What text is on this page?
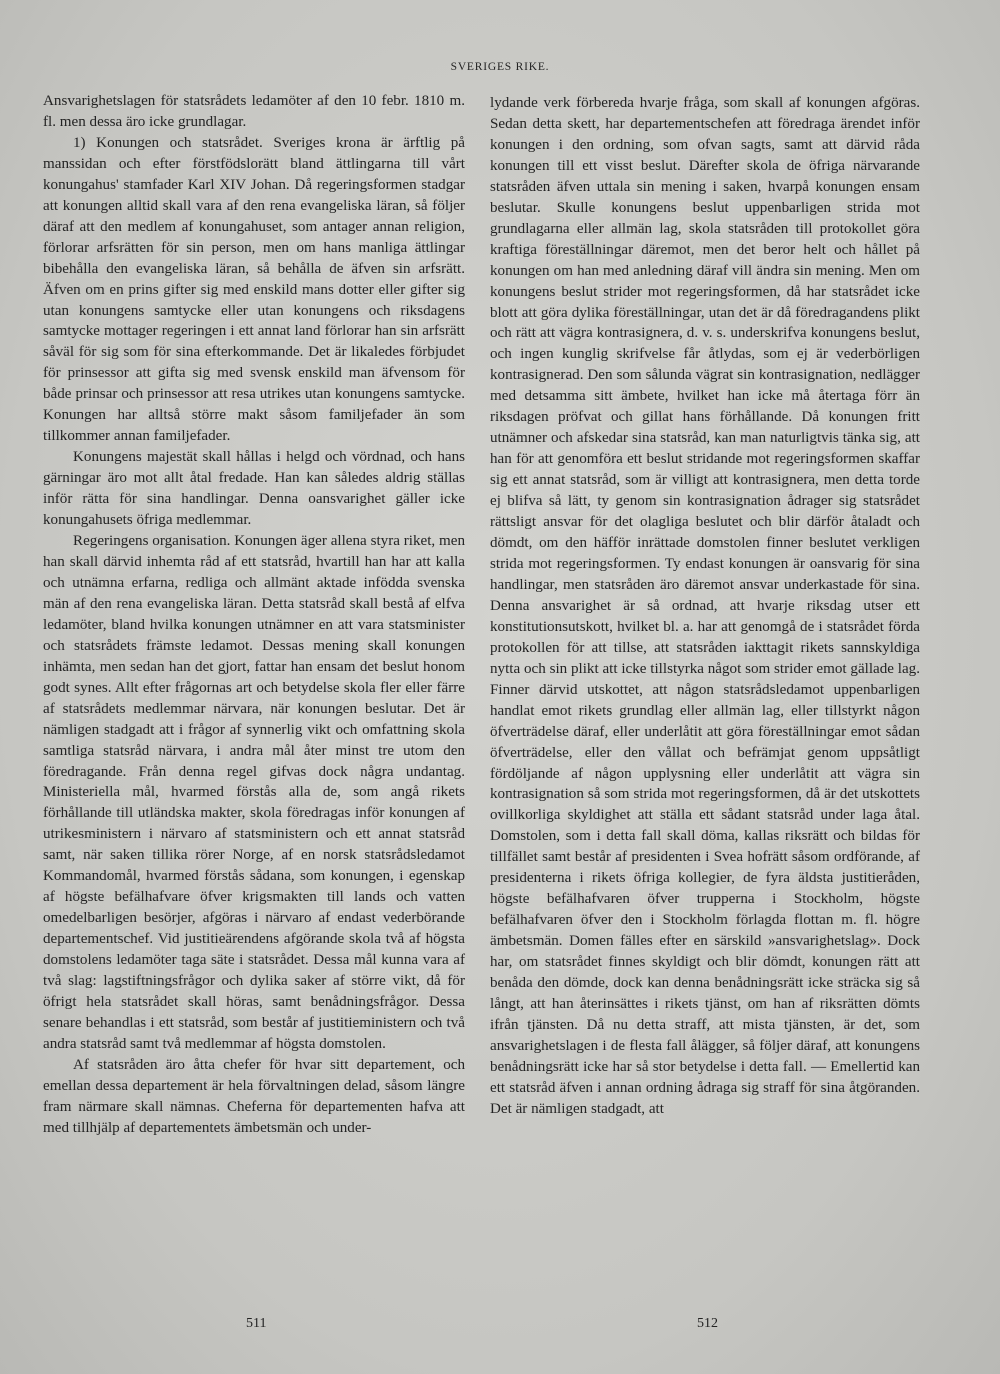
SVERIGES RIKE.

Ansvarighetslagen för statsrådets ledamöter af den 10 febr. 1810 m. fl. men dessa äro icke grundlagar.

1) Konungen och statsrådet. Sveriges krona är ärftlig på manssidan och efter förstfödslorätt bland ättlingarna till vårt konungahus' stamfader Karl XIV Johan. Då regeringsformen stadgar att konungen alltid skall vara af den rena evangeliska läran, så följer däraf att den medlem af konungahuset, som antager annan religion, förlorar arfsrätten för sin person, men om hans manliga ättlingar bibehålla den evangeliska läran, så behålla de äfven sin arfsrätt. Äfven om en prins gifter sig med enskild mans dotter eller gifter sig utan konungens samtycke eller utan konungens och riksdagens samtycke mottager regeringen i ett annat land förlorar han sin arfsrätt såväl för sig som för sina efterkommande. Det är likaledes förbjudet för prinsessor att gifta sig med svensk enskild man äfvensom för både prinsar och prinsessor att resa utrikes utan konungens samtycke. Konungen har alltså större makt såsom familjefader än som tillkommer annan familjefader.

Konungens majestät skall hållas i helgd och vördnad, och hans gärningar äro mot allt åtal fredade. Han kan således aldrig ställas inför rätta för sina handlingar. Denna oansvarighet gäller icke konungahusets öfriga medlemmar.

Regeringens organisation. Konungen äger allena styra riket, men han skall därvid inhemta råd af ett statsråd, hvartill han har att kalla och utnämna erfarna, redliga och allmänt aktade infödda svenska män af den rena evangeliska läran. Detta statsråd skall bestå af elfva ledamöter, bland hvilka konungen utnämner en att vara statsminister och statsrådets främste ledamot. Dessas mening skall konungen inhämta, men sedan han det gjort, fattar han ensam det beslut honom godt synes. Allt efter frågornas art och betydelse skola fler eller färre af statsrådets medlemmar närvara, när konungen beslutar. Det är nämligen stadgadt att i frågor af synnerlig vikt och omfattning skola samtliga statsråd närvara, i andra mål åter minst tre utom den föredragande. Från denna regel gifvas dock några undantag. Ministeriella mål, hvarmed förstås alla de, som angå rikets förhållande till utländska makter, skola föredragas inför konungen af utrikesministern i närvaro af statsministern och ett annat statsråd samt, när saken tillika rörer Norge, af en norsk statsrådsledamot Kommandomål, hvarmed förstås sådana, som konungen, i egenskap af högste befälhafvare öfver krigsmakten till lands och vatten omedelbarligen besörjer, afgöras i närvaro af endast vederbörande departementschef. Vid justitieärendens afgörande skola två af högsta domstolens ledamöter taga säte i statsrådet. Dessa mål kunna vara af två slag: lagstiftningsfrågor och dylika saker af större vikt, då för öfrigt hela statsrådet skall höras, samt benådningsfrågor. Dessa senare behandlas i ett statsråd, som består af justitieministern och två andra statsråd samt två medlemmar af högsta domstolen.

Af statsråden äro åtta chefer för hvar sitt departement, och emellan dessa departement är hela förvaltningen delad, såsom längre fram närmare skall nämnas. Cheferna för departementen hafva att med tillhjälp af departementets ämbetsmän och under-

lydande verk förbereda hvarje fråga, som skall af konungen afgöras. Sedan detta skett, har departementschefen att föredraga ärendet inför konungen i den ordning, som ofvan sagts, samt att därvid råda konungen till ett visst beslut. Därefter skola de öfriga närvarande statsråden äfven uttala sin mening i saken, hvarpå konungen ensam beslutar. Skulle konungens beslut uppenbarligen strida mot grundlagarna eller allmän lag, skola statsråden till protokollet göra kraftiga föreställningar däremot, men det beror helt och hållet på konungen om han med anledning däraf vill ändra sin mening. Men om konungens beslut strider mot regeringsformen, då har statsrådet icke blott att göra dylika föreställningar, utan det är då föredragandens plikt och rätt att vägra kontrasignera, d. v. s. underskrifva konungens beslut, och ingen kunglig skrifvelse får åtlydas, som ej är vederbörligen kontrasignerad. Den som sålunda vägrat sin kontrasignation, nedlägger med detsamma sitt ämbete, hvilket han icke må återtaga förr än riksdagen pröfvat och gillat hans förhållande. Då konungen fritt utnämner och afskedar sina statsråd, kan man naturligtvis tänka sig, att han för att genomföra ett beslut stridande mot regeringsformen skaffar sig ett annat statsråd, som är villigt att kontrasignera, men detta torde ej blifva så lätt, ty genom sin kontrasignation ådrager sig statsrådet rättsligt ansvar för det olagliga beslutet och blir därför åtaladt och dömdt, om den häfför inrättade domstolen finner beslutet verkligen strida mot regeringsformen. Ty endast konungen är oansvarig för sina handlingar, men statsråden äro däremot ansvar underkastade för sina. Denna ansvarighet är så ordnad, att hvarje riksdag utser ett konstitutionsutskott, hvilket bl. a. har att genomgå de i statsrådet förda protokollen för att tillse, att statsråden iakttagit rikets sannskyldiga nytta och sin plikt att icke tillstyrka något som strider emot gällade lag. Finner därvid utskottet, att någon statsrådsledamot uppenbarligen handlat emot rikets grundlag eller allmän lag, eller tillstyrkt någon öfverträdelse däraf, eller underlåtit att göra föreställningar emot sådan öfverträdelse, eller den vållat och befrämjat genom uppsåtligt fördöljande af någon upplysning eller underlåtit att vägra sin kontrasignation så som strida mot regeringsformen, då är det utskottets ovillkorliga skyldighet att ställa ett sådant statsråd under laga åtal. Domstolen, som i detta fall skall döma, kallas riksrätt och bildas för tillfället samt består af presidenten i Svea hofrätt såsom ordförande, af presidenterna i rikets öfriga kollegier, de fyra äldsta justitieråden, högste befälhafvaren öfver trupperna i Stockholm, högste befälhafvaren öfver den i Stockholm förlagda flottan m. fl. högre ämbetsmän. Domen fälles efter en särskild »ansvarighetslag». Dock har, om statsrådet finnes skyldigt och blir dömdt, konungen rätt att benåda den dömde, dock kan denna benådningsrätt icke sträcka sig så långt, att han återinsättes i rikets tjänst, om han af riksrätten dömts ifrån tjänsten. Då nu detta straff, att mista tjänsten, är det, som ansvarighetslagen i de flesta fall ålägger, så följer däraf, att konungens benådningsrätt icke har så stor betydelse i detta fall. — Emellertid kan ett statsråd äfven i annan ordning ådraga sig straff för sina åtgöranden. Det är nämligen stadgadt, att

511	512
